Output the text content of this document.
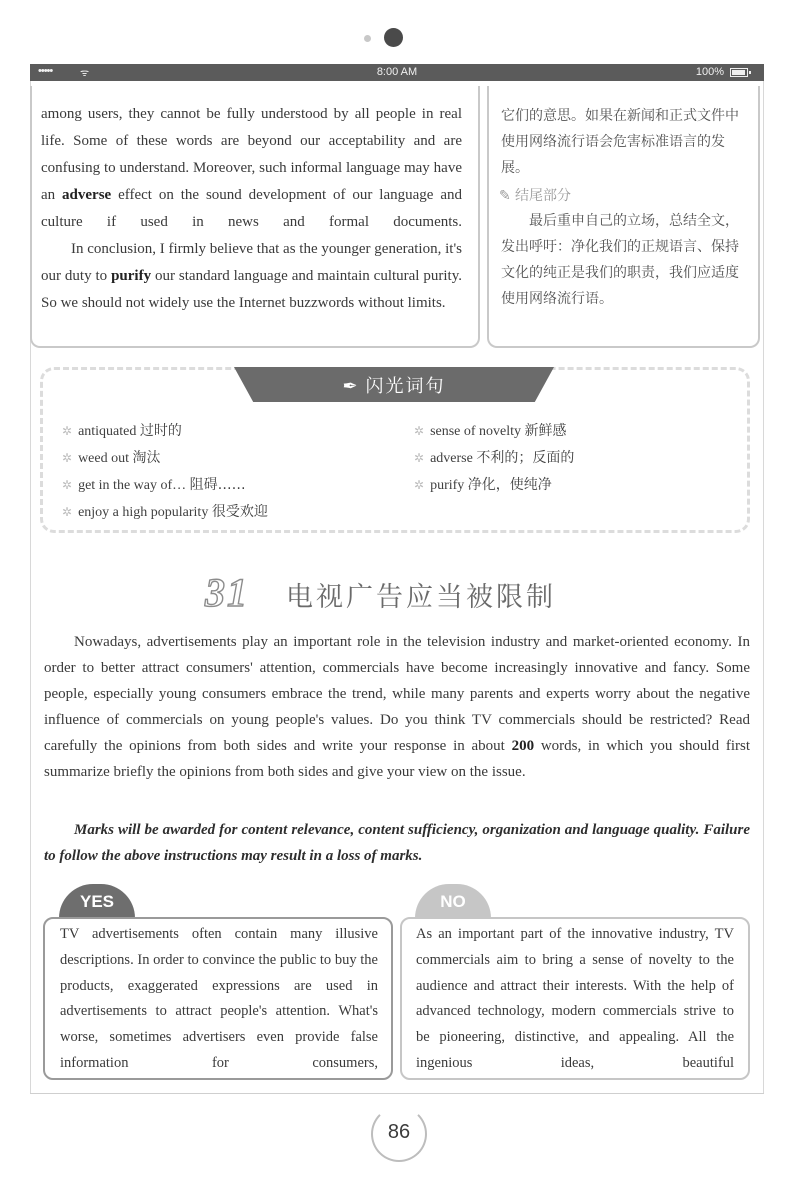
•••••	ᯤ	8:00 AM	100%

among users, they cannot be fully understood by all people in real life. Some of these words are beyond our acceptability and are confusing to understand. Moreover, such informal language may have an adverse effect on the sound development of our language and culture if used in news and formal documents.

In conclusion, I firmly believe that as the younger generation, it's our duty to purify our standard language and maintain cultural purity. So we should not widely use the Internet buzzwords without limits.

它们的意思。如果在新闻和正式文件中使用网络流行语会危害标准语言的发展。

✎ 结尾部分

最后重申自己的立场，总结全文，发出呼吁：净化我们的正规语言、保持文化的纯正是我们的职责，我们应适度使用网络流行语。

✒ 闪光词句
✲ antiquated 过时的
✲ weed out 淘汰
✲ get in the way of… 阻碍……
✲ enjoy a high popularity 很受欢迎
✲ sense of novelty 新鲜感
✲ adverse 不利的；反面的
✲ purify 净化，使纯净
31 电视广告应当被限制

Nowadays, advertisements play an important role in the television industry and market-oriented economy. In order to better attract consumers' attention, commercials have become increasingly innovative and fancy. Some people, especially young consumers embrace the trend, while many parents and experts worry about the negative influence of commercials on young people's values. Do you think TV commercials should be restricted? Read carefully the opinions from both sides and write your response in about 200 words, in which you should first summarize briefly the opinions from both sides and give your view on the issue.

Marks will be awarded for content relevance, content sufficiency, organization and language quality. Failure to follow the above instructions may result in a loss of marks.

YES	NO

TV advertisements often contain many illusive descriptions. In order to convince the public to buy the products, exaggerated expressions are used in advertisements to attract people's attention. What's worse, sometimes advertisers even provide false information for consumers,

As an important part of the innovative industry, TV commercials aim to bring a sense of novelty to the audience and attract their interests. With the help of advanced technology, modern commercials strive to be pioneering, distinctive, and appealing. All the ingenious ideas, beautiful

86
